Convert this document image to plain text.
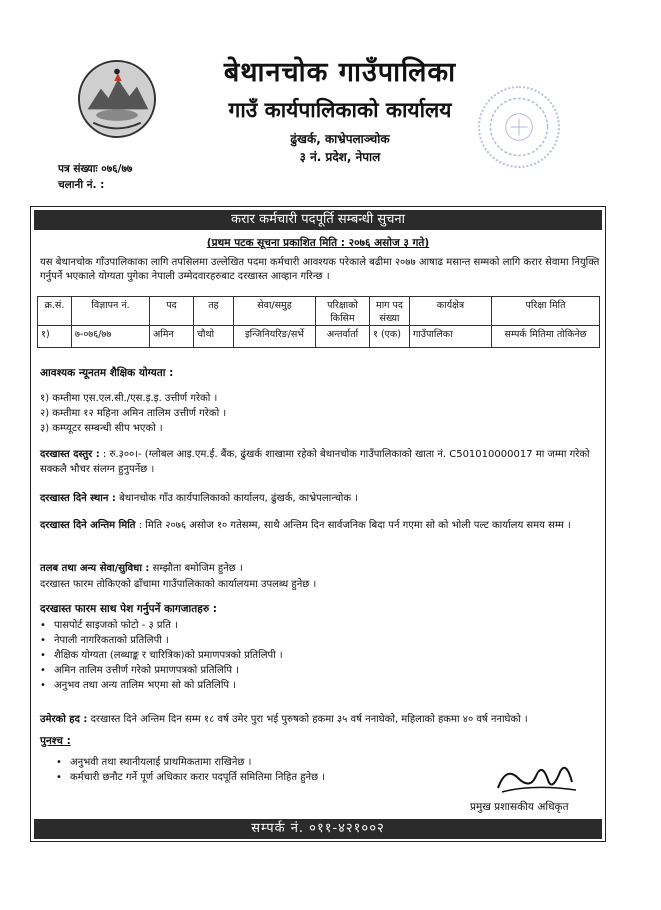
बेथानचोक गाउँपालिका
गाउँ कार्यपालिकाको कार्यालय
ढुंखर्क, काभ्रेपलाञ्चोक
३ नं. प्रदेश, नेपाल
पत्र संख्याः ०७६/७७
चलानी नं. :
करार कर्मचारी पदपूर्ति सम्बन्धी सुचना
(प्रथम पटक सूचना प्रकाशित मिति : २०७६ असोज ३ गते)
यस बेथानचोक गाँउपालिकाका लागि तपसिलमा उल्लेखित पदमा कर्मचारी आवश्यक परेकाले बढीमा २०७७ आषाढ मसान्त सम्मको लागि करार सेवामा नियुक्ति गर्नुपर्ने भएकाले योग्यता पुगेका नेपाली उम्मेदवारहरुबाट दरखास्त आव्हान गरिन्छ ।
क्र.सं.	विज्ञापन नं.	पद	तह	सेवा/समुह	परिक्षाको किसिम	माग पद संख्या	कार्यक्षेत्र	परिक्षा मिति
१)	७-०७६/७७	अमिन	चौथो	इन्जिनियरिङ/सर्भे	अन्तर्वार्ता	१ (एक)	गाउँपालिका	सम्पर्क मितिमा तोकिनेछ
आवश्यक न्यूनतम शैक्षिक योग्यता :
१) कम्तीमा एस.एल.सी./एस.इ.इ. उत्तीर्ण गरेको ।
२) कम्तीमा १२ महिना अमिन तालिम उत्तीर्ण गरेको ।
३) कम्प्यूटर सम्बन्धी सीप भएको ।
दरखास्त दस्तुर : : रु.३००।- (ग्लोबल आइ.एम.ई. बैंक, ढुंखर्क शाखामा रहेको बेथानचोक गाउँपालिकाको खाता नं. C501010000017 मा जम्मा गरेको सक्कलै भौचर संलग्न हुनुपर्नेछ ।
दरखास्त दिने स्थान : बेथानचोक गाँउ कार्यपालिकाको कार्यालय, ढुंखर्क, काभ्रेपलान्चोक ।
दरखास्त दिने अन्तिम मिति : मिति २०७६ असोज १० गतेसम्म, साथै अन्तिम दिन सार्वजनिक बिदा पर्न गएमा सो को भोली पल्ट कार्यालय समय सम्म ।
तलब तथा अन्य सेवा/सुविधा : सम्झौता बमोजिम हुनेछ ।
दरखास्त फारम तोकिएको ढाँचामा गाउँपालिकाको कार्यालयमा उपलब्ध हुनेछ ।
दरखास्त फारम साथ पेश गर्नुपर्ने कागजातहरु :
• पासपोर्ट साइजको फोटो - ३ प्रति ।
• नेपाली नागरिकताको प्रतिलिपी ।
• शैक्षिक योग्यता (लब्धाङ्क र चारित्रिक)को प्रमाणपत्रको प्रतिलिपी ।
• अमिन तालिम उत्तीर्ण गरेको प्रमाणपत्रको प्रतिलिपि ।
• अनुभव तथा अन्य तालिम भएमा सो को प्रतिलिपि ।
उमेरको हद : दरखास्त दिने अन्तिम दिन सम्म १८ वर्ष उमेर पुरा भई पुरुषको हकमा ३५ वर्ष ननाघेको, महिलाको हकमा ४० वर्ष ननाघेको ।
पुनश्च :
• अनुभवी तथा स्थानीयलाई प्राथमिकतामा राखिनेछ ।
• कर्मचारी छनौट गर्ने पूर्ण अधिकार करार पदपूर्ति समितिमा निहित हुनेछ ।
प्रमुख प्रशासकीय अधिकृत
सम्पर्क नं. ०११-४२१००२
